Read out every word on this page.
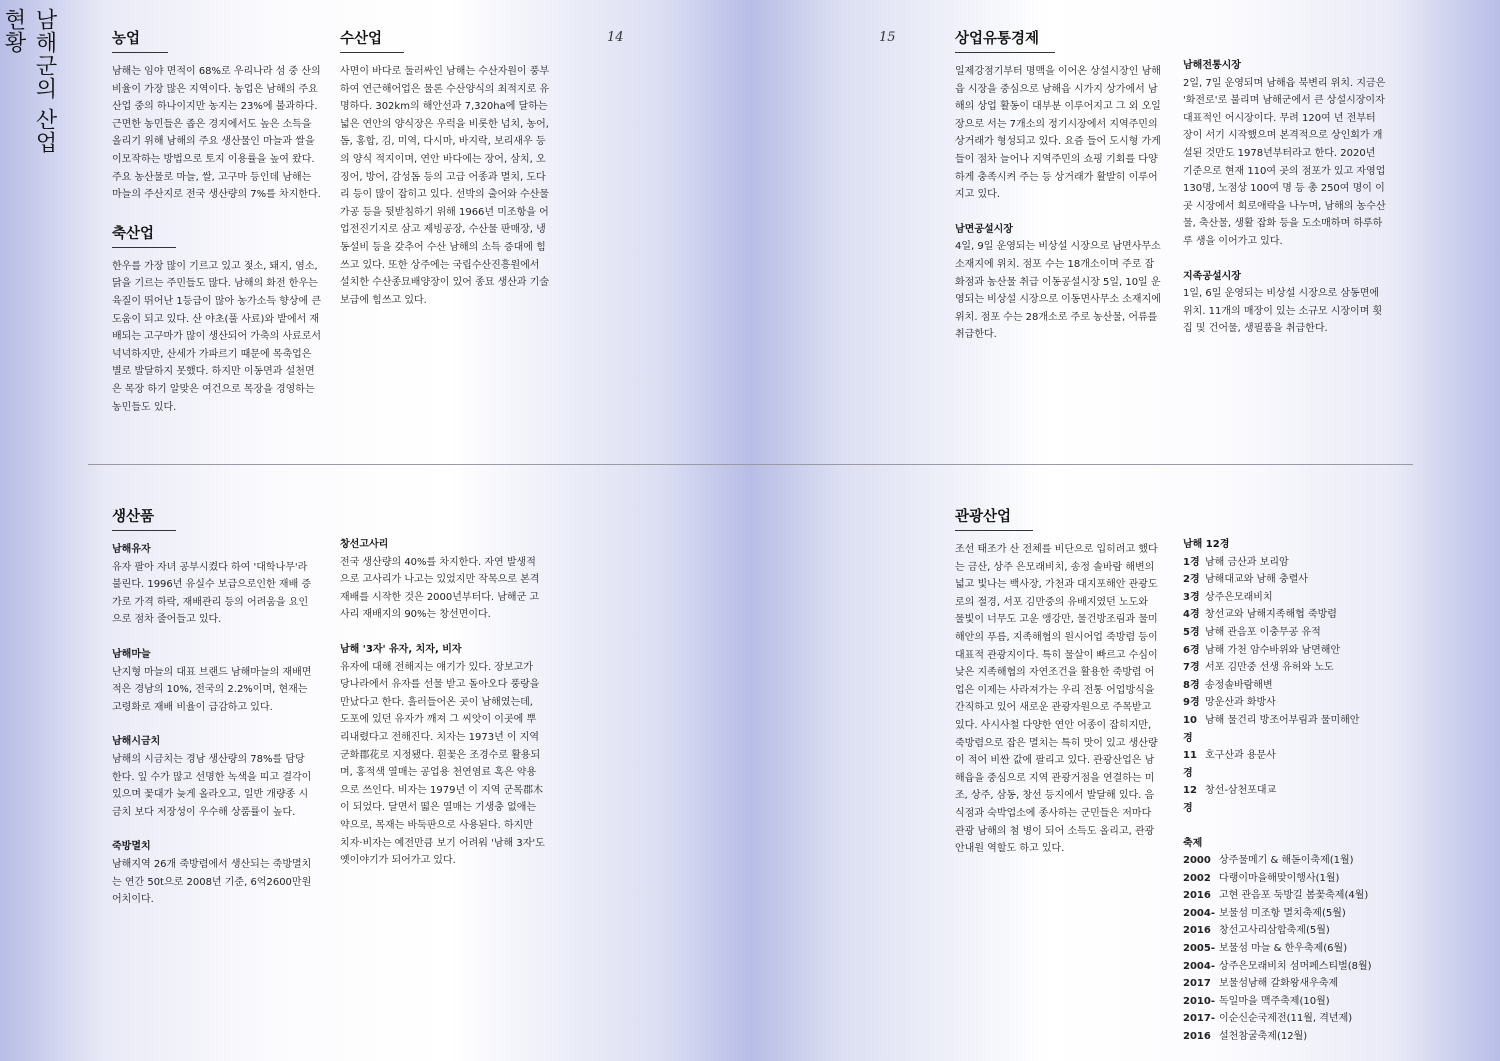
남해군의 산업 현황	14	15
농업
남해는 임야 면적이 68%로 우리나라 섬 중 산의 비율이 가장 많은 지역이다. 농업은 남해의 주요 산업 중의 하나이지만 농지는 23%에 불과하다. 근면한 농민들은 좁은 경지에서도 높은 소득을 올리기 위해 남해의 주요 생산물인 마늘과 쌀을 이모작하는 방법으로 토지 이용률을 높여 왔다. 주요 농산물로 마늘, 쌀, 고구마 등인데 남해는 마늘의 주산지로 전국 생산량의 7%를 차지한다.
축산업
한우를 가장 많이 기르고 있고 젖소, 돼지, 염소, 닭을 기르는 주민들도 많다. 남해의 화전 한우는 육질이 뛰어난 1등급이 많아 농가소득 향상에 큰 도움이 되고 있다. 산 야초(풀 사료)와 밭에서 재배되는 고구마가 많이 생산되어 가축의 사료로서 넉넉하지만, 산세가 가파르기 때문에 목축업은 별로 발달하지 못했다. 하지만 이동면과 설천면은 목장 하기 알맞은 여건으로 목장을 경영하는 농민들도 있다.
수산업
사면이 바다로 둘러싸인 남해는 수산자원이 풍부하여 연근해어업은 물론 수산양식의 최적지로 유명하다. 302km의 해안선과 7,320ha에 달하는 넓은 연안의 양식장은 우럭을 비롯한 넙치, 농어, 돔, 홍합, 김, 미역, 다시마, 바지락, 보리새우 등의 양식 적지이며, 연안 바다에는 장어, 삼치, 오징어, 방어, 감성돔 등의 고급 어종과 멸치, 도다리 등이 많이 잡히고 있다. 선박의 출어와 수산물 가공 등을 뒷받침하기 위해 1966년 미조항을 어업전진기지로 삼고 제빙공장, 수산물 판매장, 냉동설비 등을 갖추어 수산 남해의 소득 증대에 힘쓰고 있다. 또한 상주에는 국립수산진흥원에서 설치한 수산종묘배양장이 있어 종묘 생산과 기술 보급에 힘쓰고 있다.
상업유통경제
일제강점기부터 명맥을 이어온 상설시장인 남해읍 시장을 중심으로 남해읍 시가지 상가에서 남해의 상업 활동이 대부분 이루어지고 그 외 오일장으로 서는 7개소의 정기시장에서 지역주민의 상거래가 형성되고 있다. 요즘 들어 도시형 가게들이 점차 늘어나 지역주민의 쇼핑 기회를 다양하게 충족시켜 주는 등 상거래가 활발히 이루어지고 있다.
남면공설시장
4일, 9일 운영되는 비상설 시장으로 남면사무소 소재지에 위치. 점포 수는 18개소이며 주로 잡화점과 농산물 취급 이동공설시장 5일, 10일 운영되는 비상설 시장으로 이동면사무소 소재지에 위치. 점포 수는 28개소로 주로 농산물, 어류를 취급한다.
남해전통시장
2일, 7일 운영되며 남해읍 북변리 위치. 지금은 '화전로'로 불리며 남해군에서 큰 상설시장이자 대표적인 어시장이다. 무려 120여 년 전부터 장이 서기 시작했으며 본격적으로 상인회가 개설된 것만도 1978년부터라고 한다. 2020년 기준으로 현재 110여 곳의 점포가 있고 자영업 130명, 노점상 100여 명 등 총 250여 명이 이곳 시장에서 희로애락을 나누며, 남해의 농수산물, 축산물, 생활 잡화 등을 도소매하며 하루하루 생을 이어가고 있다.
지족공설시장
1일, 6일 운영되는 비상설 시장으로 삼동면에 위치. 11개의 매장이 있는 소규모 시장이며 횟집 및 건어물, 생필품을 취급한다.
생산품
남해유자
유자 팔아 자녀 공부시켰다 하여 '대학나무'라 불린다. 1996년 유실수 보급으로인한 재배 증가로 가격 하락, 재배관리 등의 어려움을 요인으로 점차 줄어들고 있다.
남해마늘
난지형 마늘의 대표 브랜드 남해마늘의 재배면적은 경남의 10%, 전국의 2.2%이며, 현재는 고령화로 재배 비율이 급감하고 있다.
남해시금치
남해의 시금치는 경남 생산량의 78%를 담당한다. 잎 수가 많고 선명한 녹색을 띠고 결각이 있으며 꽃대가 늦게 올라오고, 일반 개량종 시금치 보다 저장성이 우수해 상품률이 높다.
죽방멸치
남해지역 26개 죽방렴에서 생산되는 죽방멸치는 연간 50t으로 2008년 기준, 6억2600만원어치이다.
창선고사리
전국 생산량의 40%를 차지한다. 자연 발생적으로 고사리가 나고는 있었지만 작목으로 본격 재배를 시작한 것은 2000년부터다. 남해군 고사리 재배지의 90%는 창선면이다.
남해 '3자' 유자, 치자, 비자
유자에 대해 전해지는 얘기가 있다. 장보고가 당나라에서 유자를 선물 받고 돌아오다 풍랑을 만났다고 한다. 흘러들어온 곳이 남해였는데, 도포에 있던 유자가 깨져 그 씨앗이 이곳에 뿌리내렸다고 전해진다. 치자는 1973년 이 지역 군화郡花로 지정됐다. 흰꽃은 조경수로 활용되며, 홍적색 열매는 공업용 천연염료 혹은 약용으로 쓰인다. 비자는 1979년 이 지역 군목郡木이 되었다. 달면서 떫은 열매는 기생충 없애는 약으로, 목재는 바둑판으로 사용된다. 하지만 치자·비자는 예전만큼 보기 어려워 '남해 3자'도 옛이야기가 되어가고 있다.
관광산업
조선 태조가 산 전체를 비단으로 입히려고 했다는 금산, 상주 은모래비치, 송정 솔바람 해변의 넓고 빛나는 백사장, 가천과 대지포해안 관광도로의 절경, 서포 김만중의 유배지였던 노도와 물빛이 너무도 고운 앵강만, 물건방조림과 물미해안의 푸름, 지족해협의 원시어업 죽방렴 등이 대표적 관광지이다. 특히 물살이 빠르고 수심이 낮은 지족해협의 자연조건을 활용한 죽방렴 어업은 이제는 사라져가는 우리 전통 어업방식을 간직하고 있어 새로운 관광자원으로 주목받고 있다. 사시사철 다양한 연안 어종이 잡히지만, 죽방렴으로 잡은 멸치는 특히 맛이 있고 생산량이 적어 비싼 값에 팔리고 있다. 관광산업은 남해읍을 중심으로 지역 관광거점을 연결하는 미조, 상주, 삼동, 창선 등지에서 발달해 있다. 음식점과 숙박업소에 종사하는 군민들은 저마다 관광 남해의 첨 병이 되어 소득도 올리고, 관광 안내원 역할도 하고 있다.
남해 12경
1경 남해 금산과 보리암
2경 남해대교와 남해 충렬사
3경 상주은모래비치
4경 창선교와 남해지족해협 죽방렴
5경 남해 관음포 이충무공 유적
6경 남해 가천 암수바위와 남면해안
7경 서포 김만중 선생 유허와 노도
8경 송정솔바람해변
9경 망운산과 화방사
10경
남해 물건리 방조어부림과 물미해안
11경
호구산과 용문사
12경
창선-삼천포대교
축제
2000 상주물메기 & 해돋이축제(1월)
2002 다랭이마을해맞이행사(1월)
2016 고현 관음포 둑방길 봄꽃축제(4월)
2004- 보물섬 미조항 멸치축제(5월)
2016 창선고사리삼합축제(5월)
2005- 보물섬 마늘 & 한우축제(6월)
2004- 상주은모래비치 섬머페스티벌(8월)
2017 보물섬남해 갈화왕새우축제
2010- 독일마을 맥주축제(10월)
2017- 이순신순국제전(11월, 격년제)
2016 설천참굴축제(12월)
